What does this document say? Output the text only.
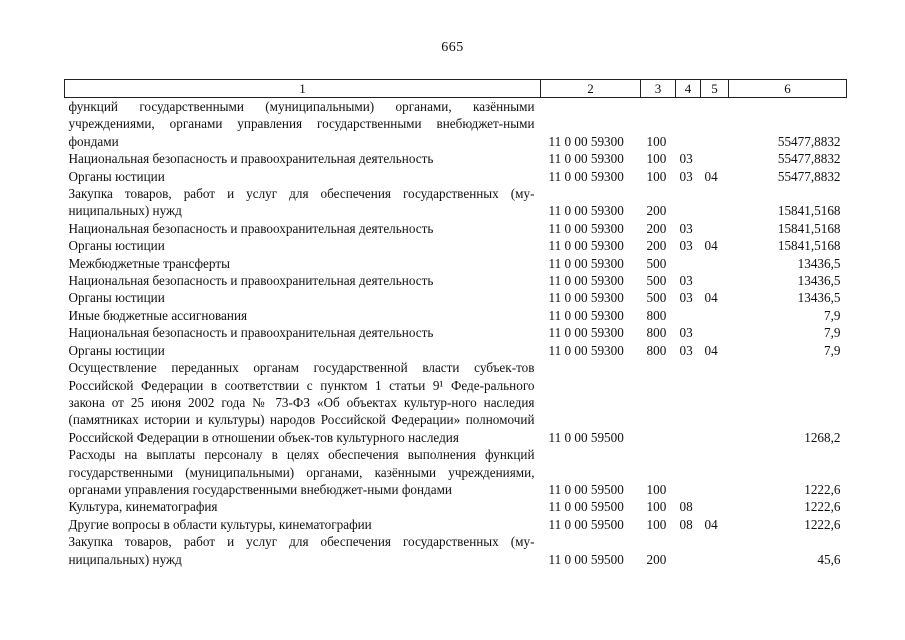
665
1	2	3	4	5	6
функций государственными (муниципальными) органами, казёнными учреждениями, органами управления государственными внебюджет-ными фондами	11 0 00 59300	100			55477,8832
Национальная безопасность и правоохранительная деятельность	11 0 00 59300	100	03		55477,8832
Органы юстиции	11 0 00 59300	100	03	04	55477,8832
Закупка товаров, работ и услуг для обеспечения государственных (му-ниципальных) нужд	11 0 00 59300	200			15841,5168
Национальная безопасность и правоохранительная деятельность	11 0 00 59300	200	03		15841,5168
Органы юстиции	11 0 00 59300	200	03	04	15841,5168
Межбюджетные трансферты	11 0 00 59300	500			13436,5
Национальная безопасность и правоохранительная деятельность	11 0 00 59300	500	03		13436,5
Органы юстиции	11 0 00 59300	500	03	04	13436,5
Иные бюджетные ассигнования	11 0 00 59300	800			7,9
Национальная безопасность и правоохранительная деятельность	11 0 00 59300	800	03		7,9
Органы юстиции	11 0 00 59300	800	03	04	7,9
Осуществление переданных органам государственной власти субъек-тов Российской Федерации в соответствии с пунктом 1 статьи 9¹ Феде-рального закона от 25 июня 2002 года № 73-ФЗ «Об объектах культур-ного наследия (памятниках истории и культуры) народов Российской Федерации» полномочий Российской Федерации в отношении объек-тов культурного наследия	11 0 00 59500				1268,2
Расходы на выплаты персоналу в целях обеспечения выполнения функций государственными (муниципальными) органами, казёнными учреждениями, органами управления государственными внебюджет-ными фондами	11 0 00 59500	100			1222,6
Культура, кинематография	11 0 00 59500	100	08		1222,6
Другие вопросы в области культуры, кинематографии	11 0 00 59500	100	08	04	1222,6
Закупка товаров, работ и услуг для обеспечения государственных (му-ниципальных) нужд	11 0 00 59500	200			45,6
